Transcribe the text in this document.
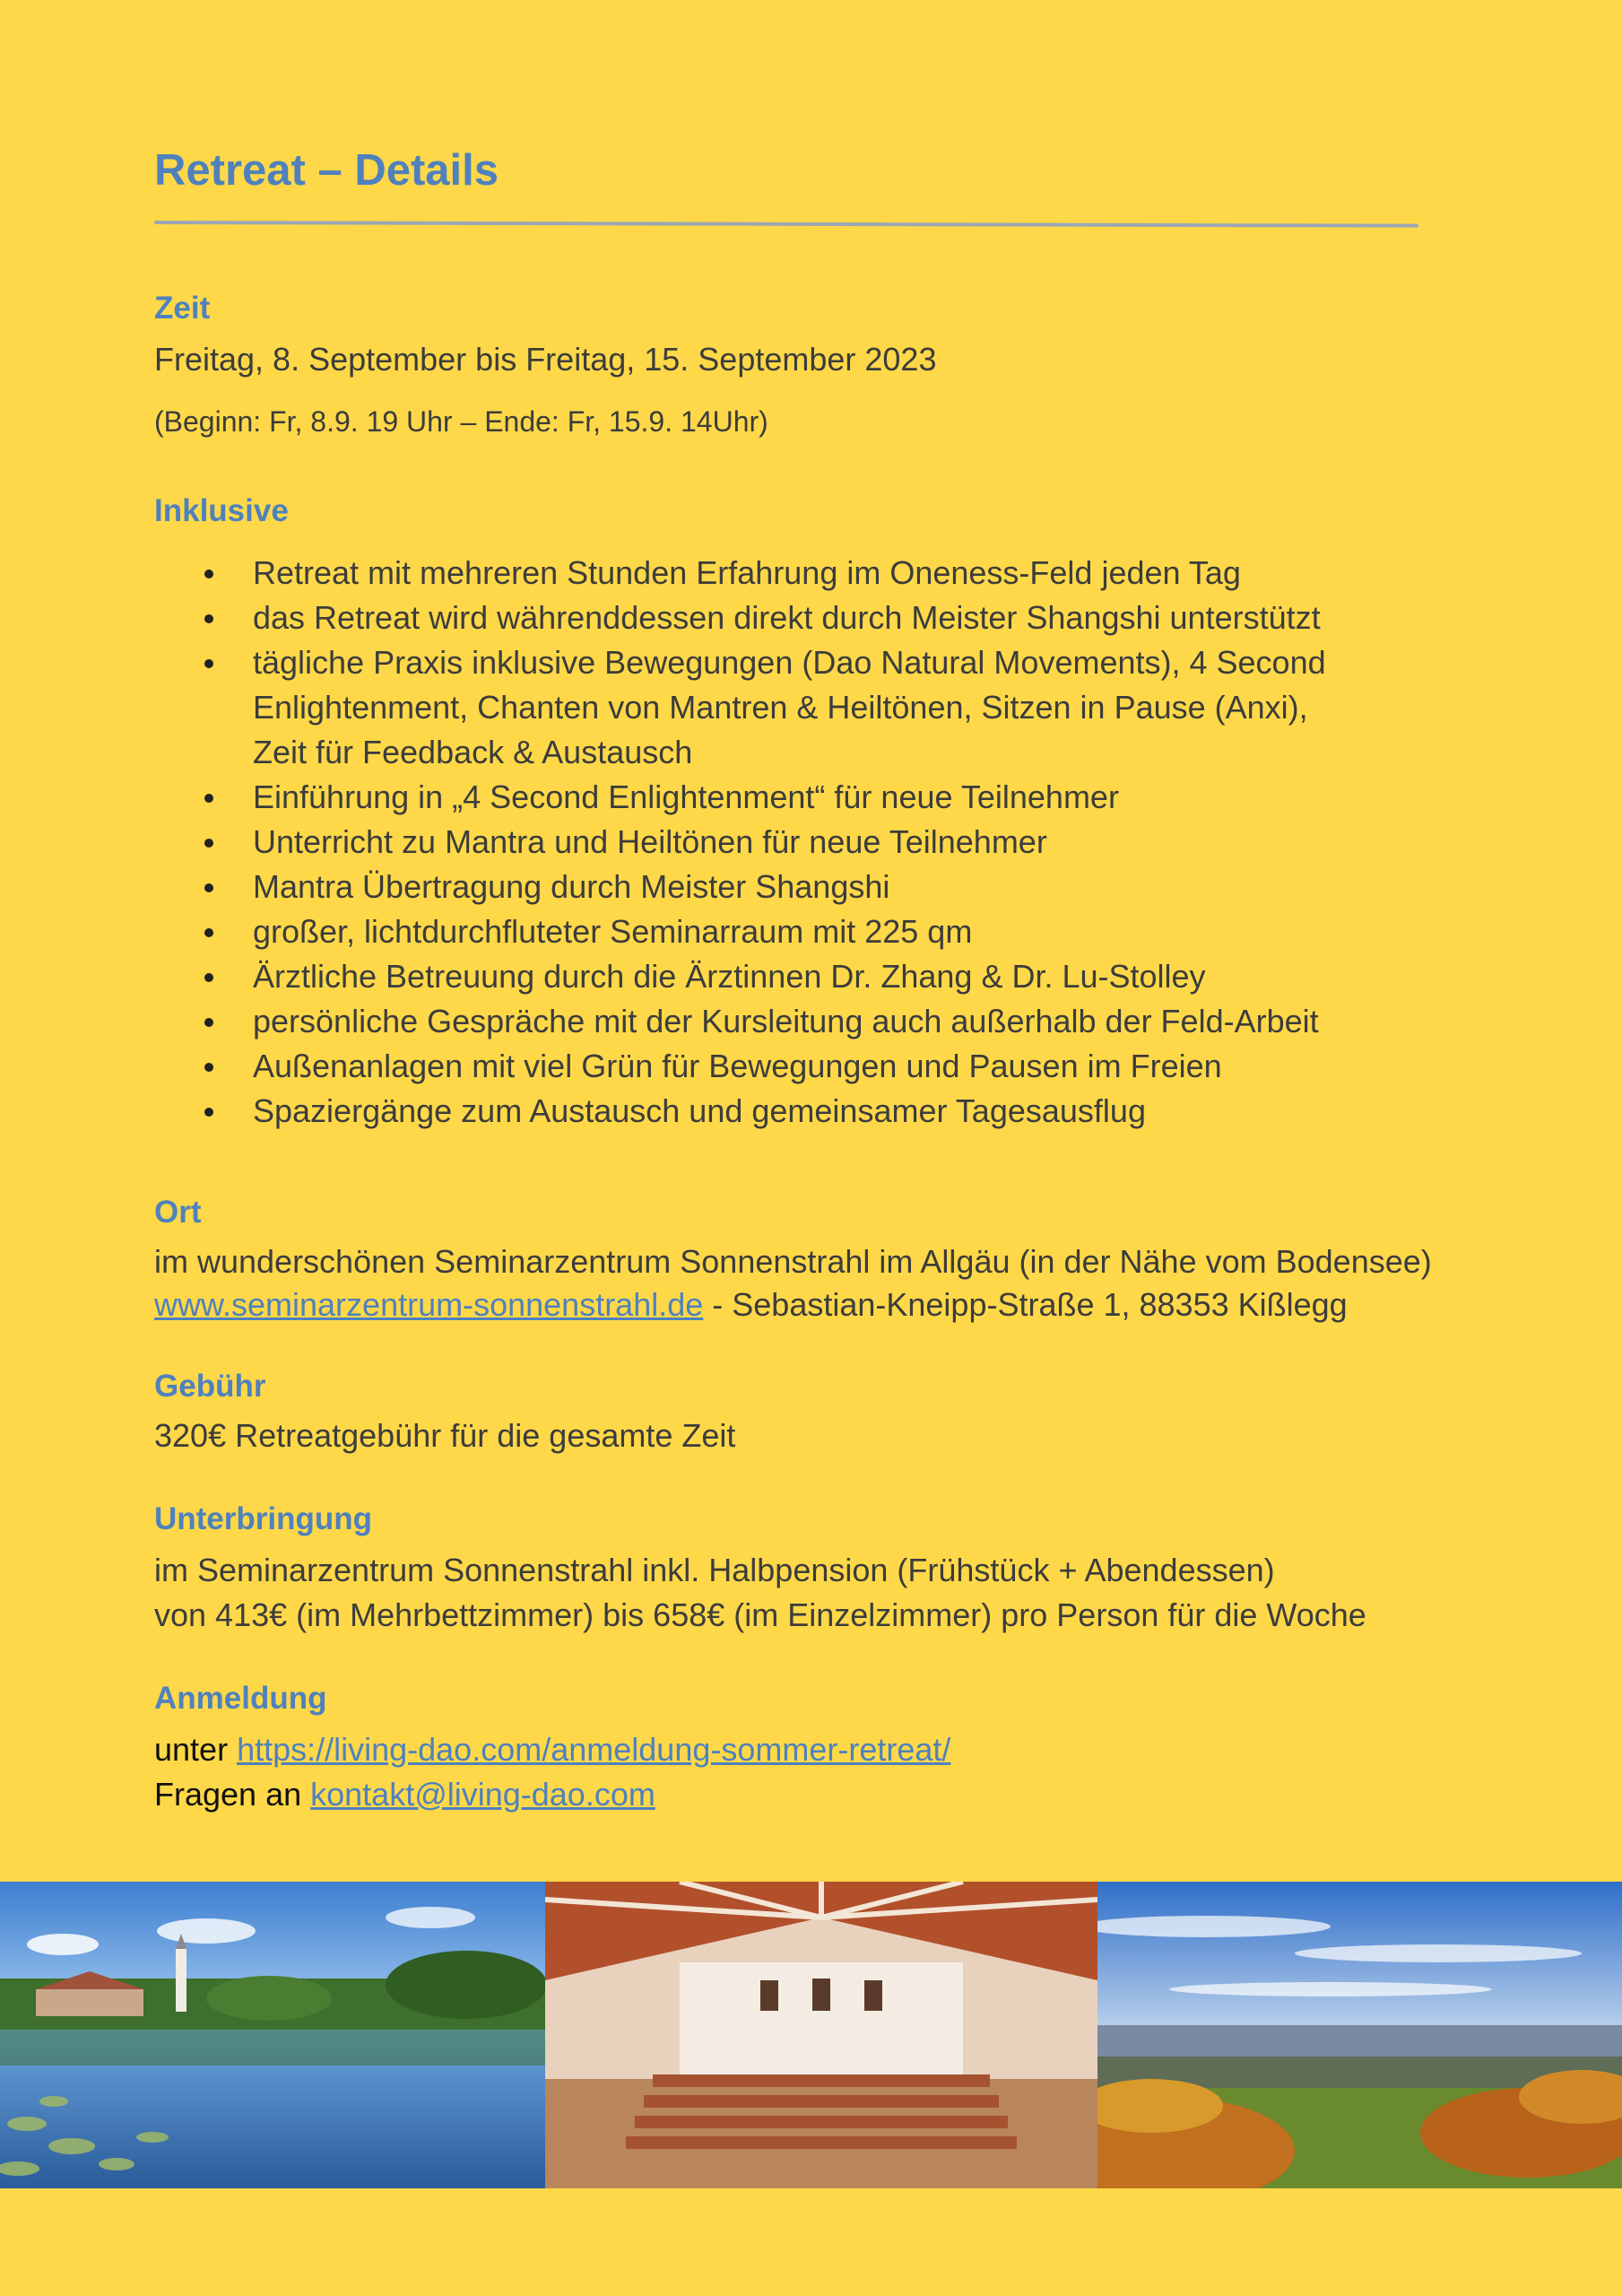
Retreat – Details
Zeit
Freitag, 8. September bis Freitag, 15. September 2023
(Beginn: Fr, 8.9. 19 Uhr – Ende: Fr, 15.9. 14Uhr)
Inklusive
Retreat mit mehreren Stunden Erfahrung im Oneness-Feld jeden Tag
das Retreat wird währenddessen direkt durch Meister Shangshi unterstützt
tägliche Praxis inklusive Bewegungen (Dao Natural Movements), 4 Second
Enlightenment, Chanten von Mantren & Heiltönen, Sitzen in Pause (Anxi),
Zeit für Feedback & Austausch
Einführung in „4 Second Enlightenment“ für neue Teilnehmer
Unterricht zu Mantra und Heiltönen für neue Teilnehmer
Mantra Übertragung durch Meister Shangshi
großer, lichtdurchfluteter Seminarraum mit 225 qm
Ärztliche Betreuung durch die Ärztinnen Dr. Zhang & Dr. Lu-Stolley
persönliche Gespräche mit der Kursleitung auch außerhalb der Feld-Arbeit
Außenanlagen mit viel Grün für Bewegungen und Pausen im Freien
Spaziergänge zum Austausch und gemeinsamer Tagesausflug
Ort
im wunderschönen Seminarzentrum Sonnenstrahl im Allgäu (in der Nähe vom Bodensee)
www.seminarzentrum-sonnenstrahl.de - Sebastian-Kneipp-Straße 1, 88353 Kißlegg
Gebühr
320€ Retreatgebühr für die gesamte Zeit
Unterbringung
im Seminarzentrum Sonnenstrahl inkl. Halbpension (Frühstück + Abendessen)
von 413€ (im Mehrbettzimmer) bis 658€ (im Einzelzimmer) pro Person für die Woche
Anmeldung
unter https://living-dao.com/anmeldung-sommer-retreat/
Fragen an kontakt@living-dao.com
